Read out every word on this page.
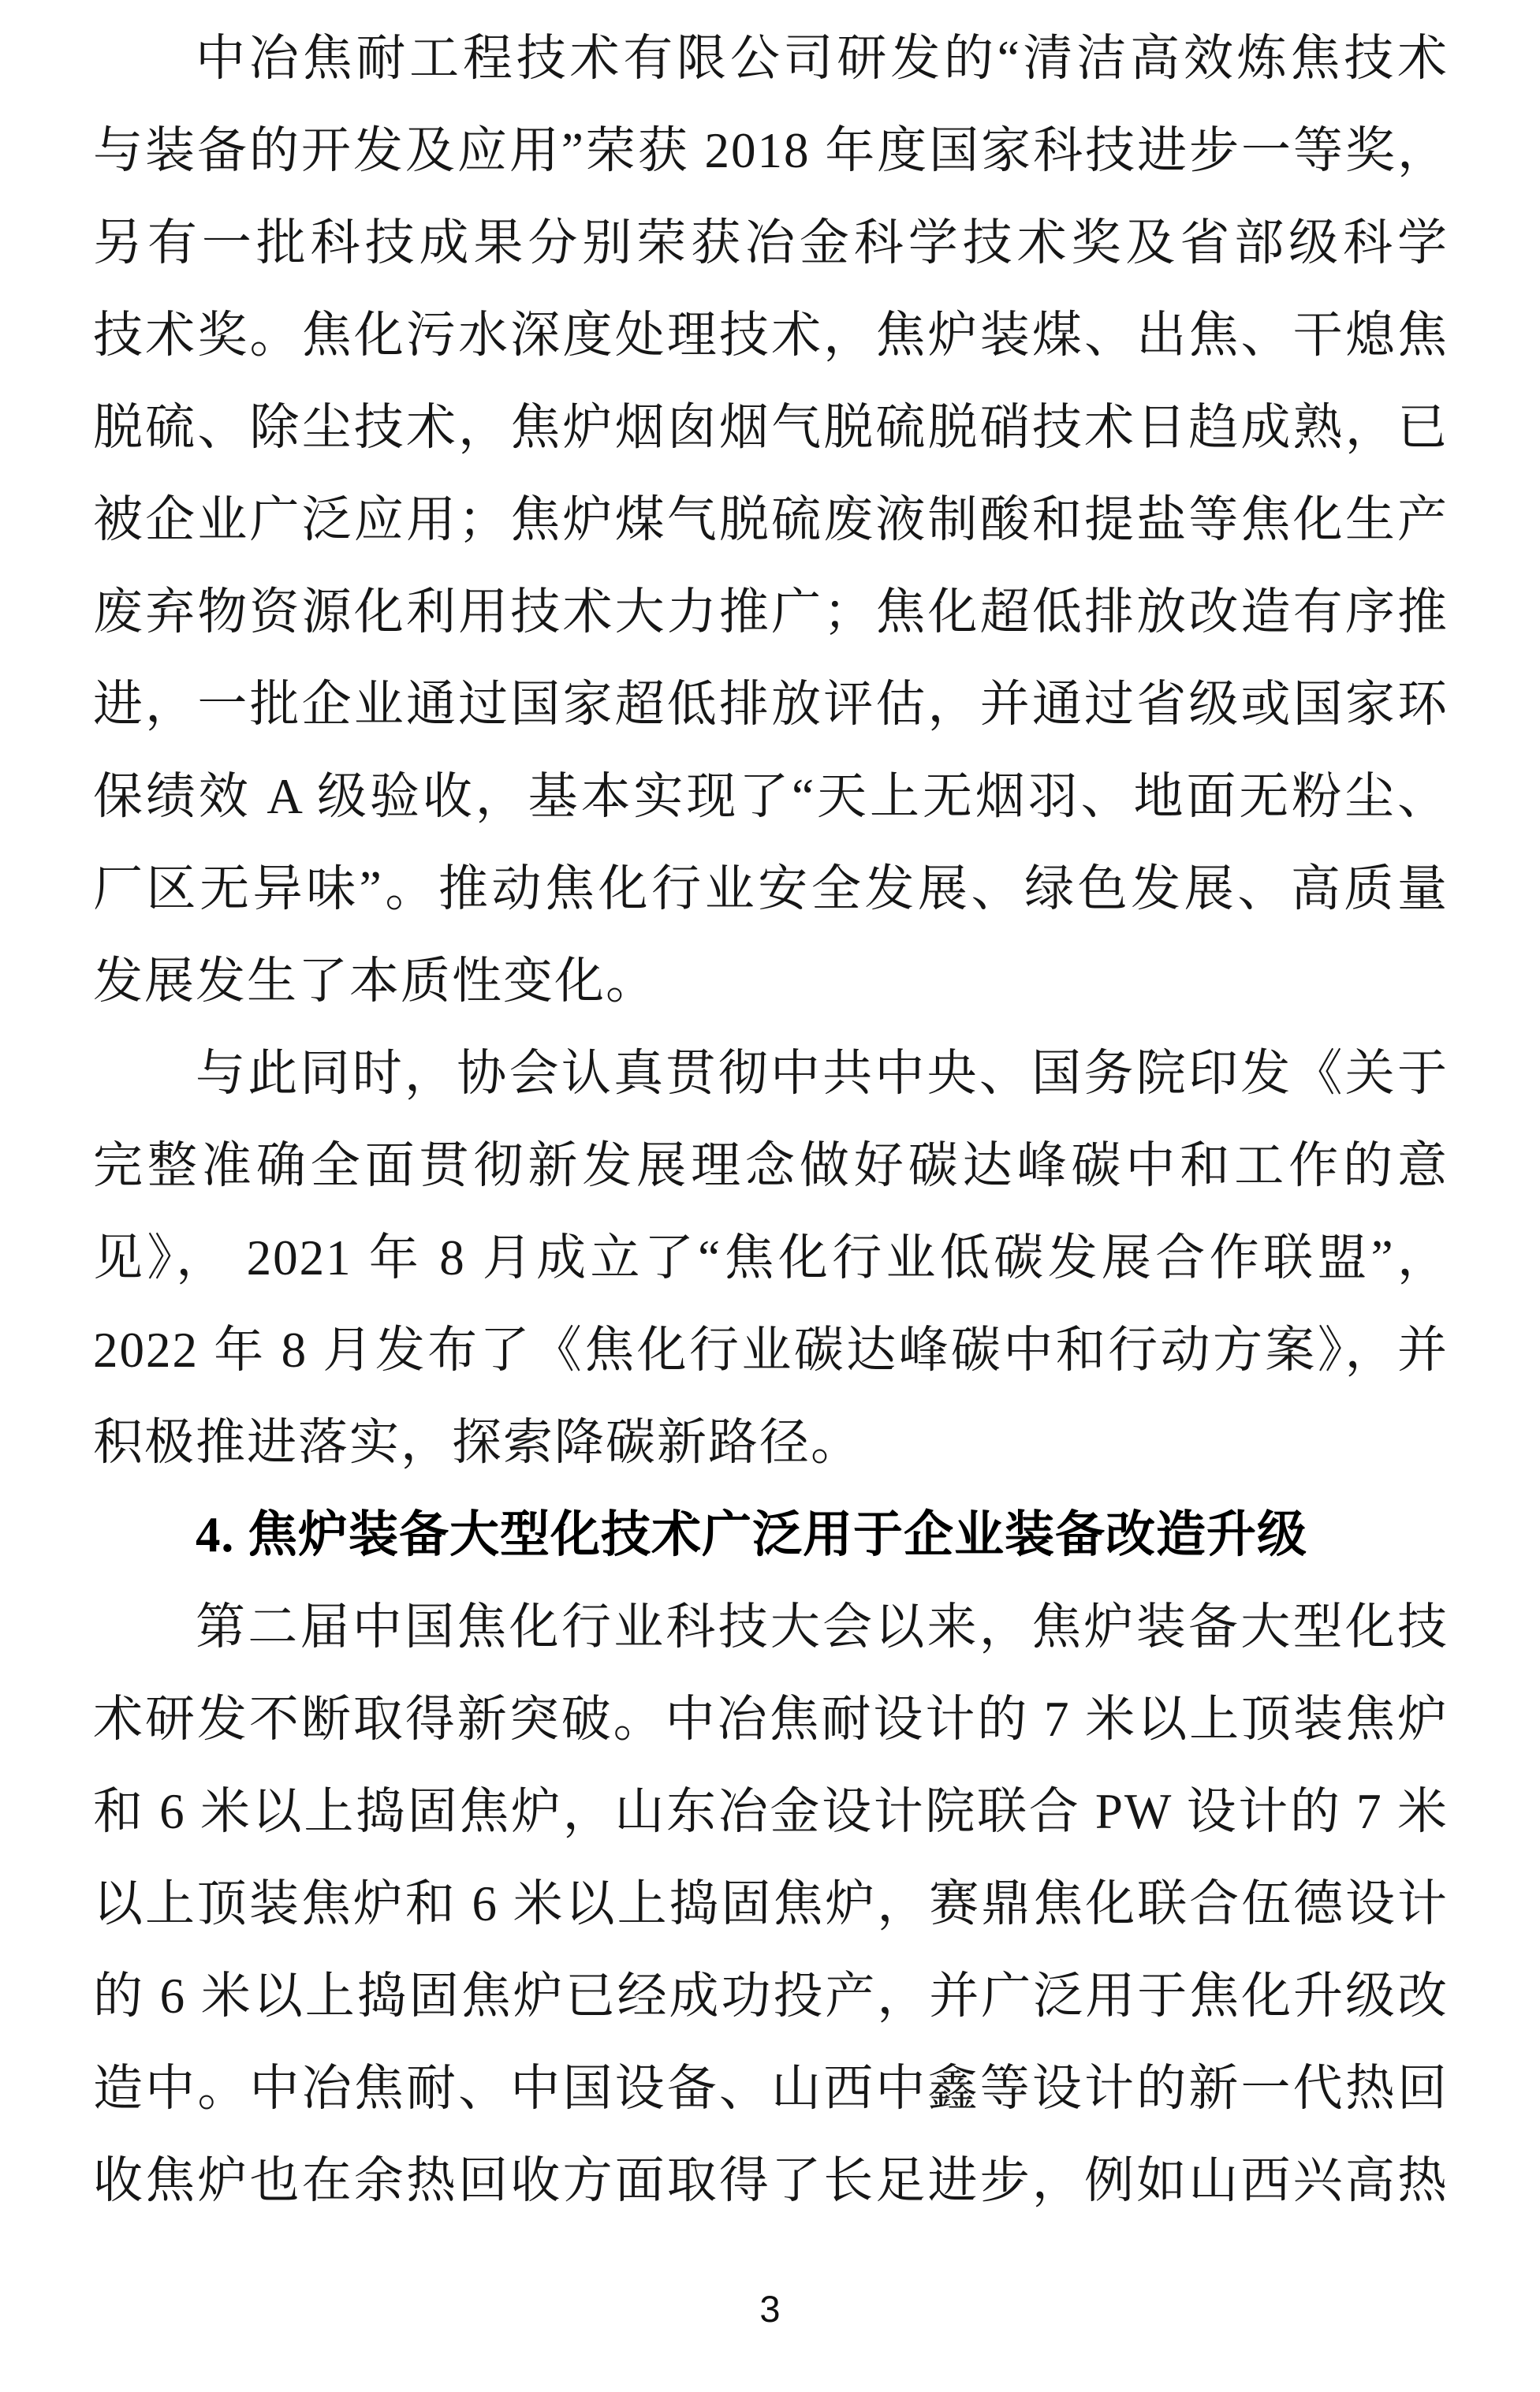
中冶焦耐工程技术有限公司研发的“清洁高效炼焦技术
与装备的开发及应用”荣获 2018 年度国家科技进步一等奖，
另有一批科技成果分别荣获冶金科学技术奖及省部级科学
技术奖。焦化污水深度处理技术，焦炉装煤、出焦、干熄焦
脱硫、除尘技术，焦炉烟囱烟气脱硫脱硝技术日趋成熟，已
被企业广泛应用；焦炉煤气脱硫废液制酸和提盐等焦化生产
废弃物资源化利用技术大力推广；焦化超低排放改造有序推
进，一批企业通过国家超低排放评估，并通过省级或国家环
保绩效 A 级验收，基本实现了“天上无烟羽、地面无粉尘、
厂区无异味”。推动焦化行业安全发展、绿色发展、高质量
发展发生了本质性变化。
与此同时，协会认真贯彻中共中央、国务院印发《关于
完整准确全面贯彻新发展理念做好碳达峰碳中和工作的意
见》， 2021 年 8 月成立了“焦化行业低碳发展合作联盟”，
2022 年 8 月发布了《焦化行业碳达峰碳中和行动方案》，并
积极推进落实，探索降碳新路径。
4. 焦炉装备大型化技术广泛用于企业装备改造升级
第二届中国焦化行业科技大会以来，焦炉装备大型化技
术研发不断取得新突破。中冶焦耐设计的 7 米以上顶装焦炉
和 6 米以上捣固焦炉，山东冶金设计院联合 PW 设计的 7 米
以上顶装焦炉和 6 米以上捣固焦炉，赛鼎焦化联合伍德设计
的 6 米以上捣固焦炉已经成功投产，并广泛用于焦化升级改
造中。中冶焦耐、中国设备、山西中鑫等设计的新一代热回
收焦炉也在余热回收方面取得了长足进步，例如山西兴高热
3
